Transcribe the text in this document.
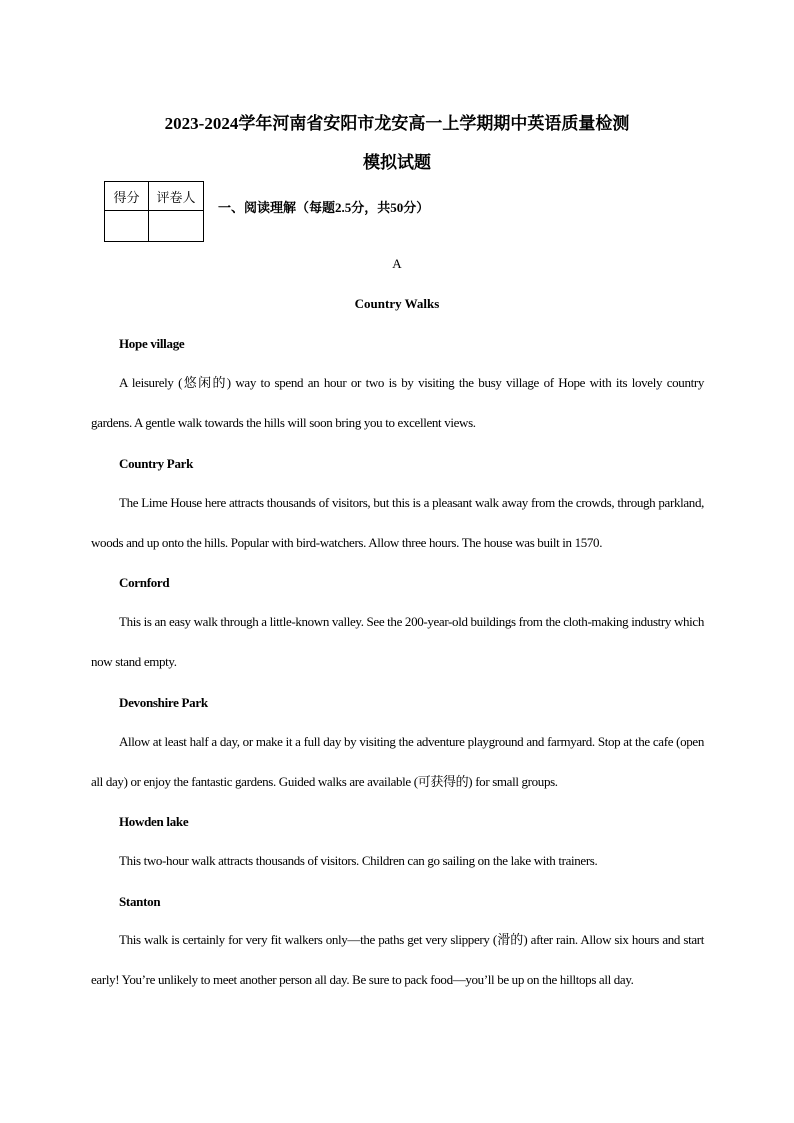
2023-2024学年河南省安阳市龙安高一上学期期中英语质量检测
模拟试题
得分	评卷人

一、阅读理解（每题2.5分，共50分）
A
Country Walks
Hope village
A leisurely (悠闲的) way to spend an hour or two is by visiting the busy village of Hope with its lovely country gardens. A gentle walk towards the hills will soon bring you to excellent views.
Country Park
The Lime House here attracts thousands of visitors, but this is a pleasant walk away from the crowds, through parkland, woods and up onto the hills. Popular with bird-watchers. Allow three hours. The house was built in 1570.
Cornford
This is an easy walk through a little-known valley. See the 200-year-old buildings from the cloth-making industry which now stand empty.
Devonshire Park
Allow at least half a day, or make it a full day by visiting the adventure playground and farmyard. Stop at the cafe (open all day) or enjoy the fantastic gardens. Guided walks are available (可获得的) for small groups.
Howden lake
This two-hour walk attracts thousands of visitors. Children can go sailing on the lake with trainers.
Stanton
This walk is certainly for very fit walkers only—the paths get very slippery (滑的) after rain. Allow six hours and start early! You’re unlikely to meet another person all day. Be sure to pack food—you’ll be up on the hilltops all day.
